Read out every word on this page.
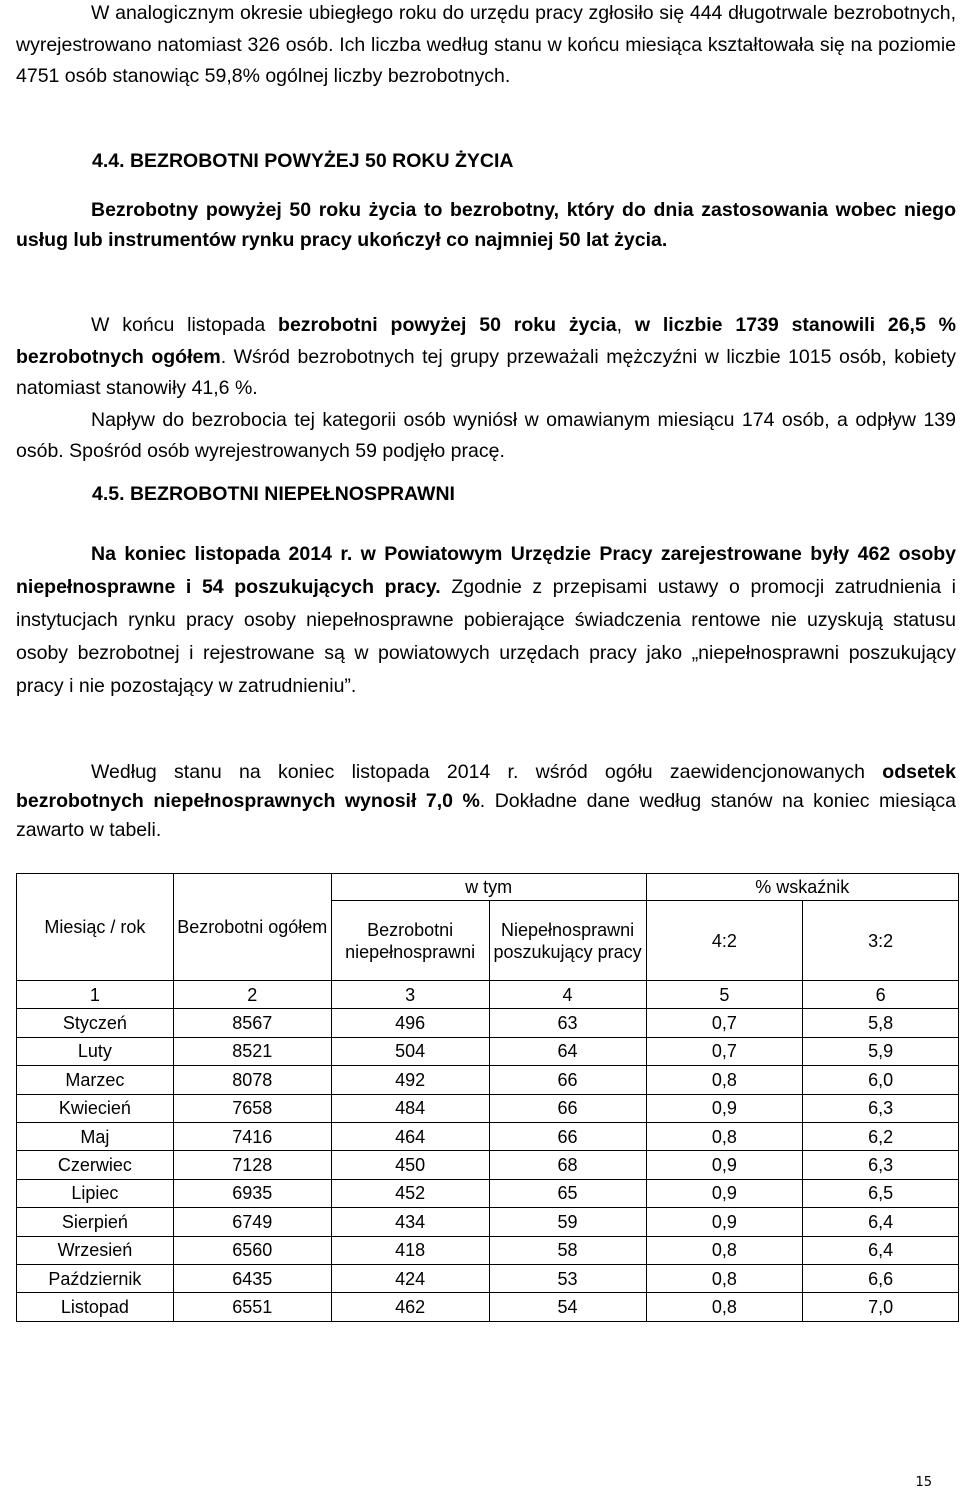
W analogicznym okresie ubiegłego roku do urzędu pracy zgłosiło się 444 długotrwale bezrobotnych, wyrejestrowano natomiast 326 osób. Ich liczba według stanu w końcu miesiąca kształtowała się na poziomie 4751 osób stanowiąc 59,8% ogólnej liczby bezrobotnych.

4.4. BEZROBOTNI POWYŻEJ 50 ROKU ŻYCIA

Bezrobotny powyżej 50 roku życia to bezrobotny, który do dnia zastosowania wobec niego usług lub instrumentów rynku pracy ukończył co najmniej 50 lat życia.

W końcu listopada bezrobotni powyżej 50 roku życia, w liczbie 1739 stanowili 26,5 % bezrobotnych ogółem. Wśród bezrobotnych tej grupy przeważali mężczyźni w liczbie 1015 osób, kobiety natomiast stanowiły 41,6 %.

Napływ do bezrobocia tej kategorii osób wyniósł w omawianym miesiącu 174 osób, a odpływ 139 osób. Spośród osób wyrejestrowanych 59 podjęło pracę.

4.5. BEZROBOTNI NIEPEŁNOSPRAWNI

Na koniec listopada 2014 r. w Powiatowym Urzędzie Pracy zarejestrowane były 462 osoby niepełnosprawne i 54 poszukujących pracy. Zgodnie z przepisami ustawy o promocji zatrudnienia i instytucjach rynku pracy osoby niepełnosprawne pobierające świadczenia rentowe nie uzyskują statusu osoby bezrobotnej i rejestrowane są w powiatowych urzędach pracy jako „niepełnosprawni poszukujący pracy i nie pozostający w zatrudnieniu”.

Według stanu na koniec listopada 2014 r. wśród ogółu zaewidencjonowanych odsetek bezrobotnych niepełnosprawnych wynosił 7,0 %. Dokładne dane według stanów na koniec miesiąca zawarto w tabeli.

Miesiąc / rok	Bezrobotni ogółem	w tym		% wskaźnik	
		Bezrobotni niepełnosprawni	Niepełnosprawni poszukujący pracy	4:2	3:2
1	2	3	4	5	6
Styczeń	8567	496	63	0,7	5,8
Luty	8521	504	64	0,7	5,9
Marzec	8078	492	66	0,8	6,0
Kwiecień	7658	484	66	0,9	6,3
Maj	7416	464	66	0,8	6,2
Czerwiec	7128	450	68	0,9	6,3
Lipiec	6935	452	65	0,9	6,5
Sierpień	6749	434	59	0,9	6,4
Wrzesień	6560	418	58	0,8	6,4
Październik	6435	424	53	0,8	6,6
Listopad	6551	462	54	0,8	7,0
15
